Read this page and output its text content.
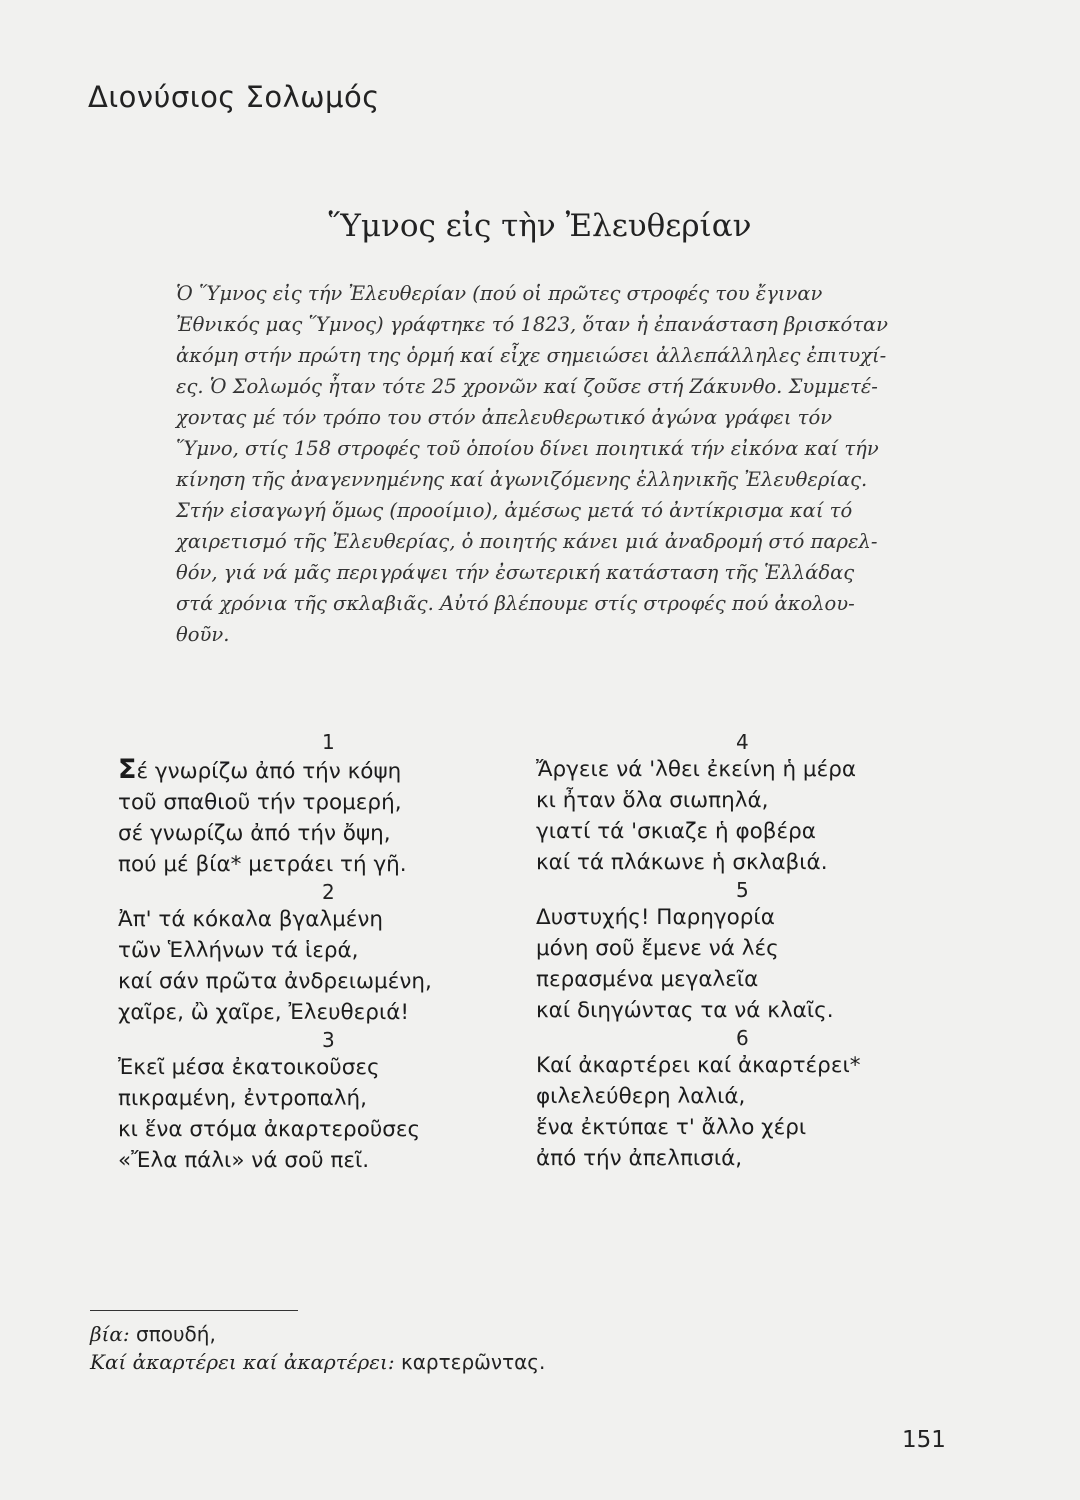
Διονύσιος Σολωμός
Ὕμνος εἰς τὴν Ἐλευθερίαν
Ὁ Ὕμνος εἰς τήν Ἐλευθερίαν (πού οἱ πρῶτες στροφές του ἔγιναν
Ἐθνικός μας Ὕμνος) γράφτηκε τό 1823, ὅταν ἡ ἐπανάσταση βρισκόταν
ἀκόμη στήν πρώτη της ὁρμή καί εἶχε σημειώσει ἀλλεπάλληλες ἐπιτυχί-
ες. Ὁ Σολωμός ἦταν τότε 25 χρονῶν καί ζοῦσε στή Ζάκυνθο. Συμμετέ-
χοντας μέ τόν τρόπο του στόν ἀπελευθερωτικό ἀγώνα γράφει τόν
Ὕμνο, στίς 158 στροφές τοῦ ὁποίου δίνει ποιητικά τήν εἰκόνα καί τήν
κίνηση τῆς ἀναγεννημένης καί ἀγωνιζόμενης ἑλληνικῆς Ἐλευθερίας.
Στήν εἰσαγωγή ὅμως (προοίμιο), ἀμέσως μετά τό ἀντίκρισμα καί τό
χαιρετισμό τῆς Ἐλευθερίας, ὁ ποιητής κάνει μιά ἀναδρομή στό παρελ-
θόν, γιά νά μᾶς περιγράψει τήν ἐσωτερική κατάσταση τῆς Ἑλλάδας
στά χρόνια τῆς σκλαβιᾶς. Αὐτό βλέπουμε στίς στροφές πού ἀκολου-
θοῦν.
1
Σέ γνωρίζω ἀπό τήν κόψη
τοῦ σπαθιοῦ τήν τρομερή,
σέ γνωρίζω ἀπό τήν ὄψη,
πού μέ βία* μετράει τή γῆ.
2
Ἀπ' τά κόκαλα βγαλμένη
τῶν Ἑλλήνων τά ἱερά,
καί σάν πρῶτα ἀνδρειωμένη,
χαῖρε, ὢ χαῖρε, Ἐλευθεριά!
3
Ἐκεῖ μέσα ἐκατοικοῦσες
πικραμένη, ἐντροπαλή,
κι ἕνα στόμα ἀκαρτεροῦσες
«Ἔλα πάλι» νά σοῦ πεῖ.
4
Ἄργειε νά 'λθει ἐκείνη ἡ μέρα
κι ἦταν ὅλα σιωπηλά,
γιατί τά 'σκιαζε ἡ φοβέρα
καί τά πλάκωνε ἡ σκλαβιά.
5
Δυστυχής! Παρηγορία
μόνη σοῦ ἔμενε νά λές
περασμένα μεγαλεῖα
καί διηγώντας τα νά κλαῖς.
6
Καί ἀκαρτέρει καί ἀκαρτέρει*
φιλελεύθερη λαλιά,
ἕνα ἐκτύπαε τ' ἄλλο χέρι
ἀπό τήν ἀπελπισιά,
βία: σπουδή,
Καί ἀκαρτέρει καί ἀκαρτέρει: καρτερῶντας.
151
